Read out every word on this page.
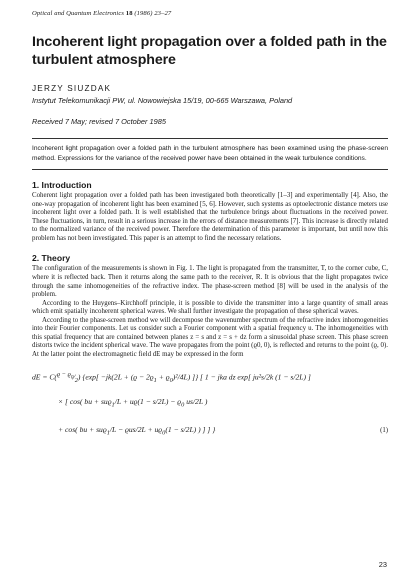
Optical and Quantum Electronics 18 (1986) 23–27
Incoherent light propagation over a folded path in the turbulent atmosphere
JERZY SIUZDAK
Instytut Telekomunikacji PW, ul. Nowowiejska 15/19, 00-665 Warszawa, Poland
Received 7 May; revised 7 October 1985
Incoherent light propagation over a folded path in the turbulent atmosphere has been examined using the phase-screen method. Expressions for the variance of the received power have been obtained in the weak turbulence conditions.
1. Introduction
Coherent light propagation over a folded path has been investigated both theoretically [1–3] and experimentally [4]. Also, the one-way propagation of incoherent light has been examined [5, 6]. However, such systems as optoelectronic distance meters use incoherent light over a folded path. It is well established that the turbulence brings about fluctuations in the received power. These fluctuations, in turn, result in a serious increase in the errors of distance measurements [7]. This increase is directly related to the normalized variance of the received power. Therefore the determination of this parameter is important, but until now this problem has not been investigated. This paper is an attempt to find the necessary relations.
2. Theory
The configuration of the measurements is shown in Fig. 1. The light is propagated from the transmitter, T, to the corner cube, C, where it is reflected back. Then it returns along the same path to the receiver, R. It is obvious that the light propagates twice through the same inhomogeneities of the refractive index. The phase-screen method [8] will be used in the analysis of the problem.
According to the Huygens–Kirchhoff principle, it is possible to divide the transmitter into a large quantity of small areas which emit spatially incoherent spherical waves. We shall further investigate the propagation of these spherical waves.
According to the phase-screen method we will decompose the wavenumber spectrum of the refractive index inhomogeneities into their Fourier components. Let us consider such a Fourier component with a spatial frequency u. The inhomogeneities with this spatial frequency that are contained between planes z = s and z = s + dz form a sinusoidal phase screen. This phase screen distorts twice the incident spherical wave. The wave propagates from the point (ϱ0, 0), is reflected and returns to the point (ϱ, 0). At the latter point the electromagnetic field dE may be expressed in the form
dE = $C(^{ϱ - ϱ_0}⁄_2)$ {$\exp[ -jk(2L + (ϱ - 2ϱ_1 + ϱ_0)^2/4L)$ ]} [ 1 − jka dz exp[ ju²s/2k (1 − s/2L) ]
× [ cos( bu + $suϱ_1/L + uϱ(1 - s/2L) - ϱ_0$ us/2L )
+ cos( bu + $suϱ_1/L - ϱus/2L + uϱ_0(1 - s/2L)$ ) ] ] }	(1)
23
